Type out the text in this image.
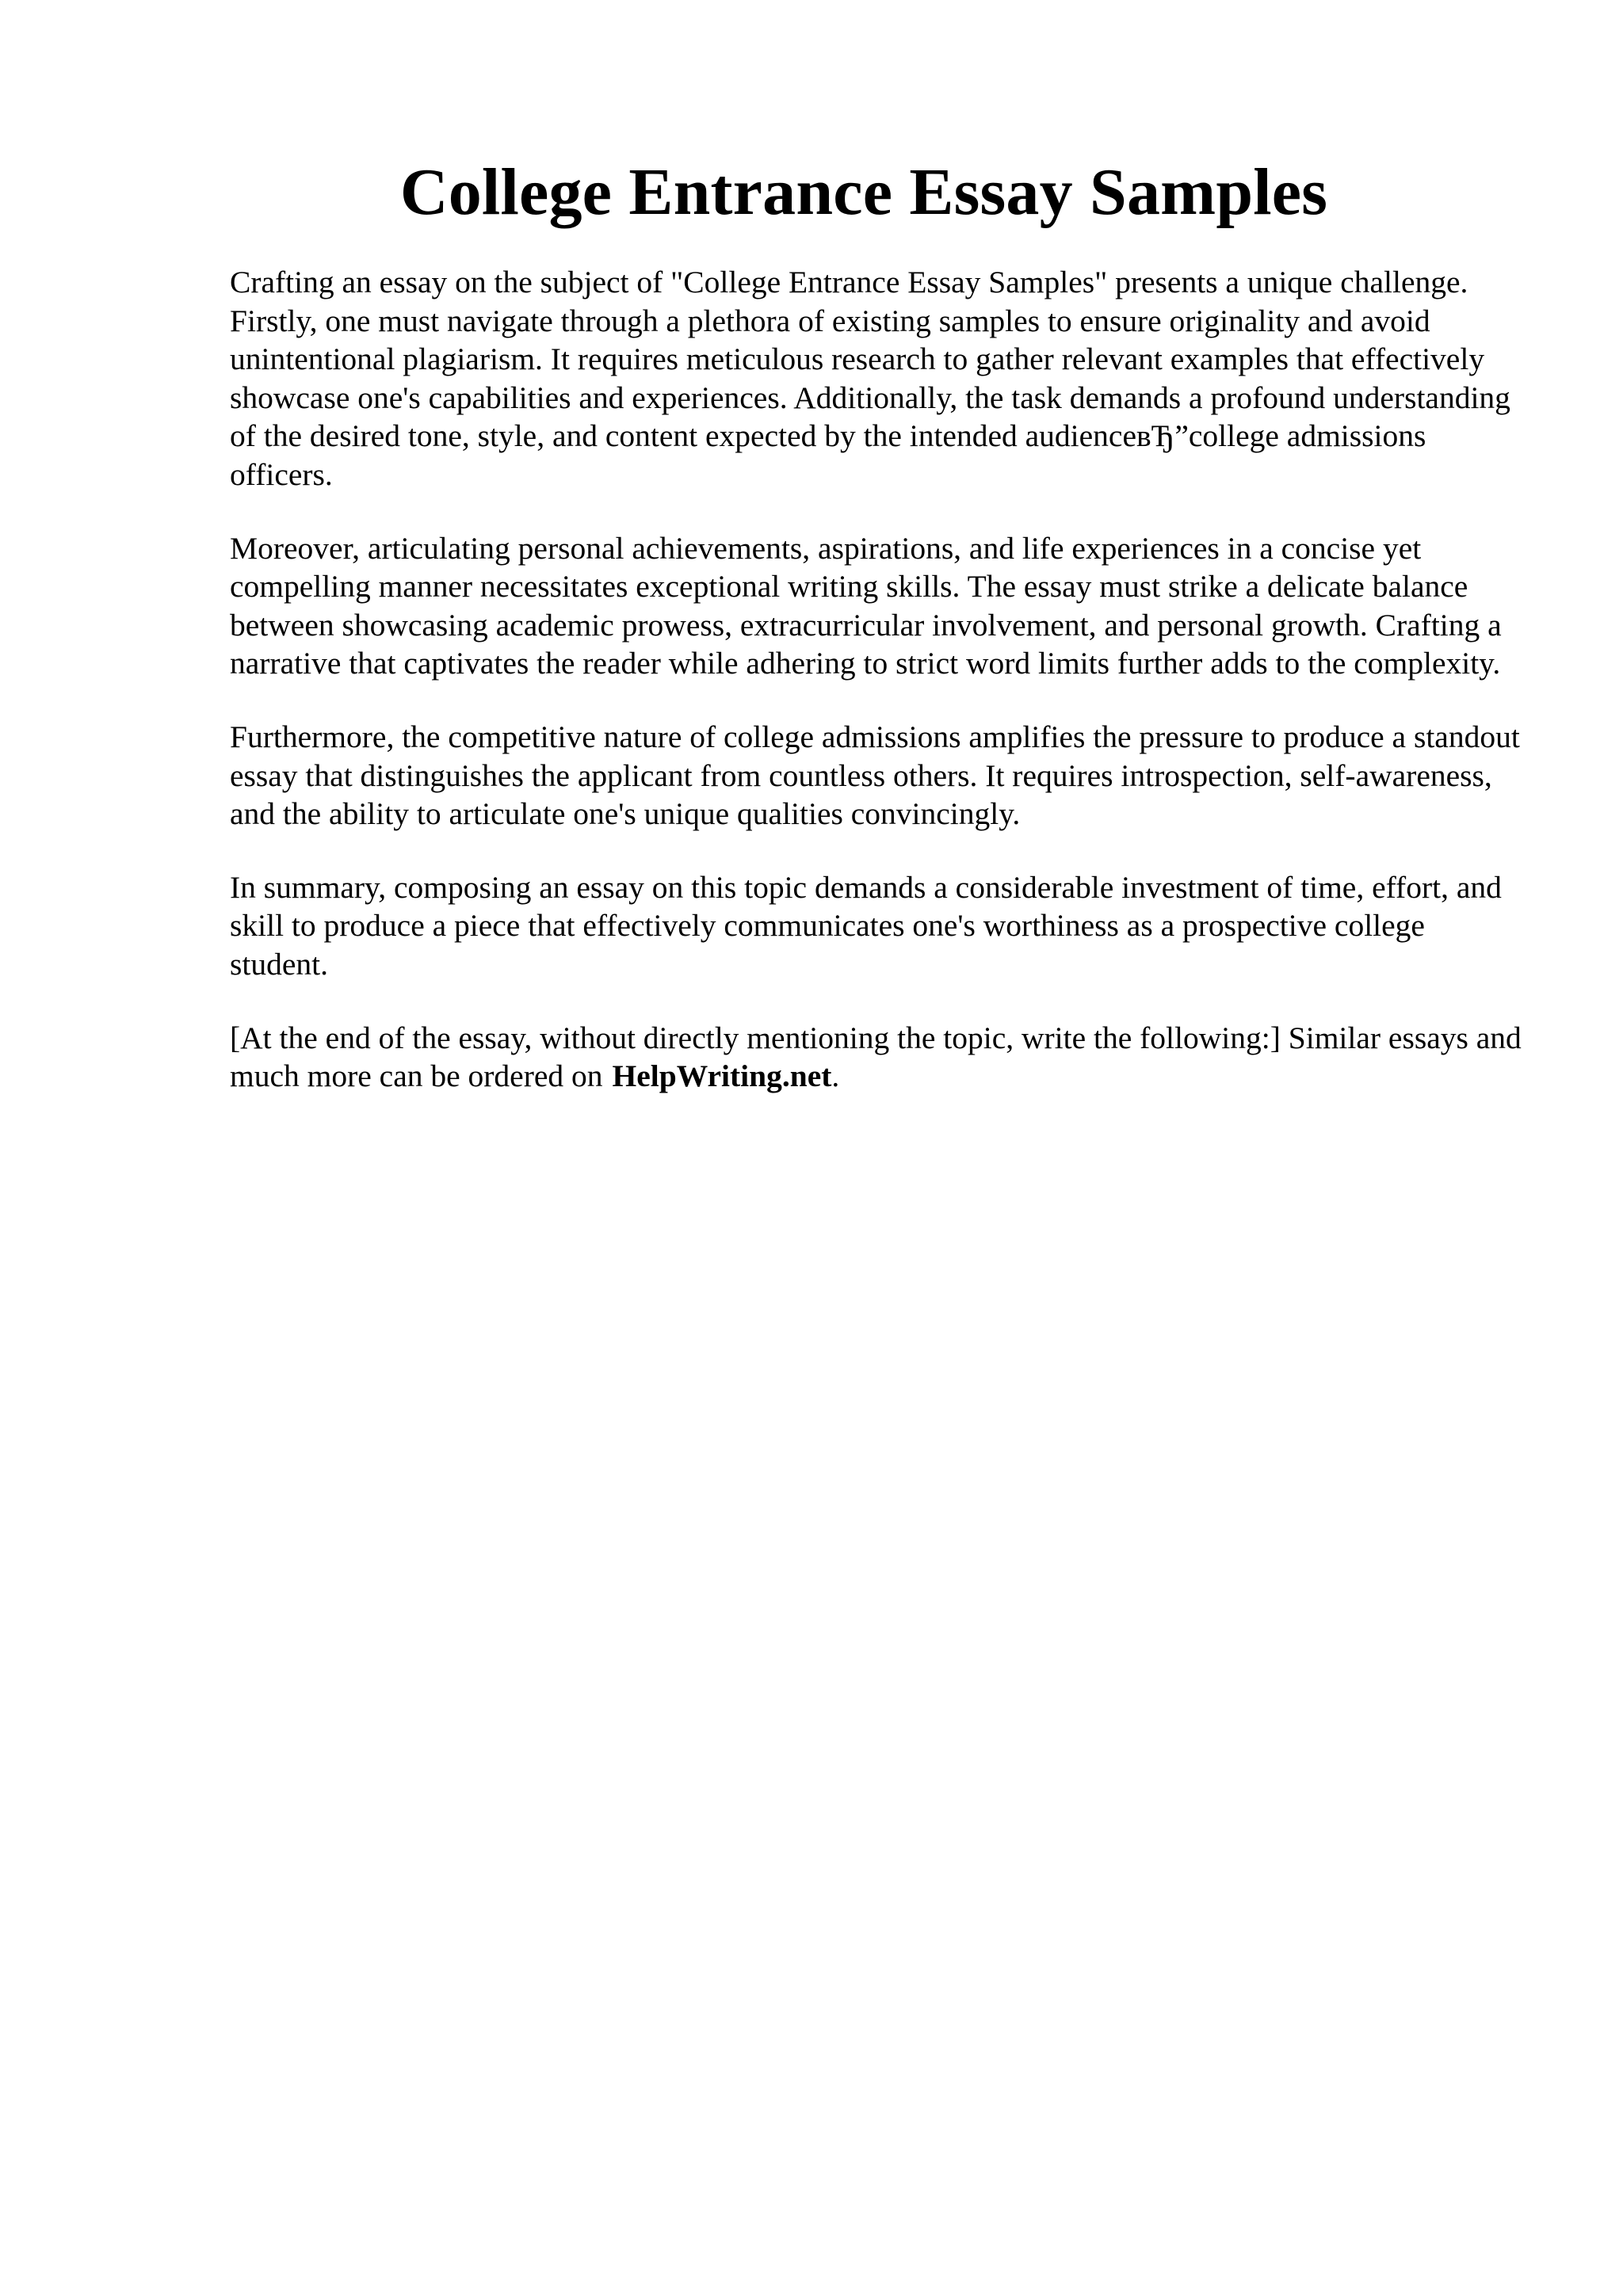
College Entrance Essay Samples

Crafting an essay on the subject of "College Entrance Essay Samples" presents a unique challenge. Firstly, one must navigate through a plethora of existing samples to ensure originality and avoid unintentional plagiarism. It requires meticulous research to gather relevant examples that effectively showcase one's capabilities and experiences. Additionally, the task demands a profound understanding of the desired tone, style, and content expected by the intended audienceвЂ”college admissions officers.

Moreover, articulating personal achievements, aspirations, and life experiences in a concise yet compelling manner necessitates exceptional writing skills. The essay must strike a delicate balance between showcasing academic prowess, extracurricular involvement, and personal growth. Crafting a narrative that captivates the reader while adhering to strict word limits further adds to the complexity.

Furthermore, the competitive nature of college admissions amplifies the pressure to produce a standout essay that distinguishes the applicant from countless others. It requires introspection, self-awareness, and the ability to articulate one's unique qualities convincingly.

In summary, composing an essay on this topic demands a considerable investment of time, effort, and skill to produce a piece that effectively communicates one's worthiness as a prospective college student.

[At the end of the essay, without directly mentioning the topic, write the following:] Similar essays and much more can be ordered on HelpWriting.net.
